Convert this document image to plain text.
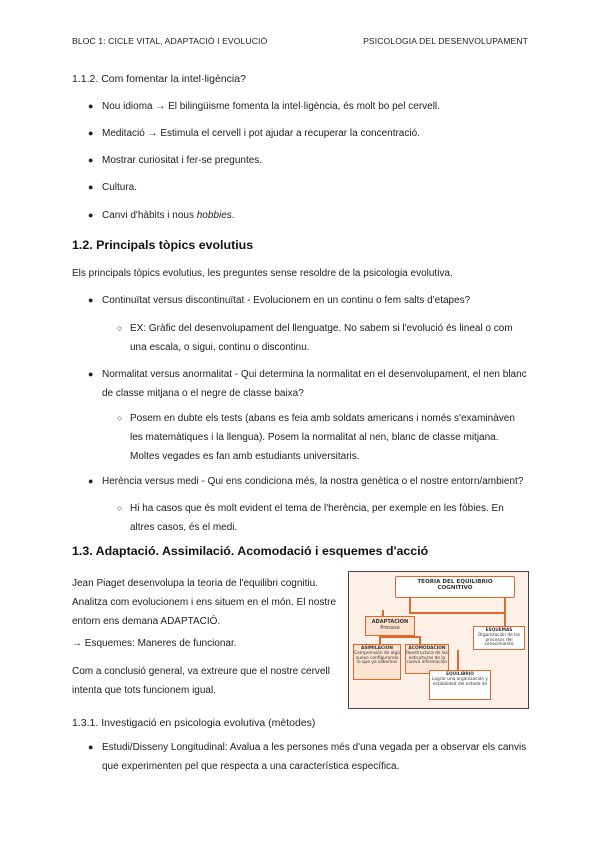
BLOC 1: CICLE VITAL, ADAPTACIÓ I EVOLUCIÓ	PSICOLOGIA DEL DESENVOLUPAMENT
1.1.2. Com fomentar la intel·ligència?
● Nou idioma → El bilingüisme fomenta la intel·ligència, és molt bo pel cervell.
● Meditació → Estimula el cervell i pot ajudar a recuperar la concentració.
● Mostrar curiositat i fer-se preguntes.
● Cultura.
● Canvi d'hàbits i nous hobbies.
1.2. Principals tòpics evolutius
Els principals tòpics evolutius, les preguntes sense resoldre de la psicologia evolutiva.
● Continuïtat versus discontinuïtat - Evolucionem en un continu o fem salts d'etapes?
○ EX: Gràfic del desenvolupament del llenguatge. No sabem si l'evolució és lineal o com
una escala, o sigui, continu o discontinu.
● Normalitat versus anormalitat - Qui determina la normalitat en el desenvolupament, el nen blanc
de classe mitjana o el negre de classe baixa?
○ Posem en dubte els tests (abans es feia amb soldats americans i només s'examinàven
les matemàtiques i la llengua). Posem la normalitat al nen, blanc de classe mitjana.
Moltes vegades es fan amb estudiants universitaris.
● Herència versus medi - Qui ens condiciona més, la nostra genètica o el nostre entorn/ambient?
○ Hi ha casos que és molt evident el tema de l'herència, per exemple en les fòbies. En
altres casos, és el medi.
1.3. Adaptació. Assimilació. Acomodació i esquemes d'acció
Jean Piaget desenvolupa la teoria de l'equilibri cognitiu.
Analitza com evolucionem i ens situem en el món. El nostre
entorn ens demana ADAPTACIÓ.
→ Esquemes: Maneres de funcionar.
Com a conclusió general, va extreure que el nostre cervell
intenta que tots funcionem igual.
TEORIA DEL EQUILIBRIO
COGNITIVO
ADAPTACION
Proceso
ASIMILACION
Comprensión de algo nuevo configurando lo que ya sabemos
ACOMODACION
Reestructura de las estructuras de la nueva información
ESQUEMAS
Organización de los procesos del conocimiento
EQUILIBRIO
Lograr una organización y estabilidad del estado de
1.3.1. Investigació en psicologia evolutiva (mètodes)
● Estudi/Disseny Longitudinal: Avalua a les persones més d'una vegada per a observar els canvis
que experimenten pel que respecta a una característica específica.
